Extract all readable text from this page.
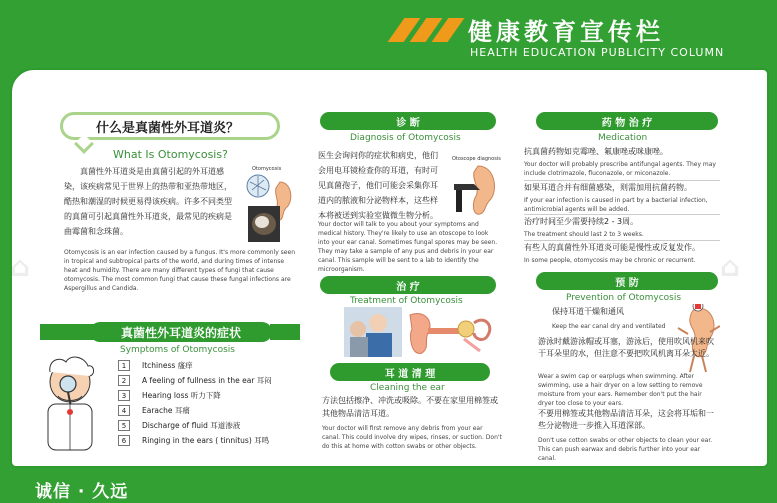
健康教育宣传栏
HEALTH EDUCATION PUBLICITY COLUMN
⌂	⌂
什么是真菌性外耳道炎？
What Is Otomycosis?
真菌性外耳道炎是由真菌引起的外耳道感染，该疾病常见于世界上的热带和亚热带地区，酷热和潮湿的时候更易得该疾病。许多不同类型的真菌可引起真菌性外耳道炎，最常见的疾病是曲霉菌和念珠菌。
Otomycosis
Otomycosis is an ear infection caused by a fungus. It's more commonly seen in tropical and subtropical parts of the world, and during times of intense heat and humidity. There are many different types of fungi that cause otomycosis. The most common fungi that cause these fungal infections are Aspergillus and Candida.
真菌性外耳道炎的症状
Symptoms of Otomycosis
1	Itchiness 瘙痒
2	A feeling of fullness in the ear 耳闷
3	Hearing loss 听力下降
4	Earache 耳痛
5	Discharge of fluid 耳道渗液
6	Ringing in the ears ( tinnitus) 耳鸣
诊 断
Diagnosis of Otomycosis
医生会询问你的症状和病史，他们会用电耳镜检查你的耳道，有时可见真菌孢子，他们可能会采集你耳道内的脓液和分泌物样本，这些样本将被送到实验室做微生物分析。
Otoscope diagnosis
Your doctor will talk to you about your symptoms and medical history. They're likely to use an otoscope to look into your ear canal. Sometimes fungal spores may be seen. They may take a sample of any pus and debris in your ear canal. This sample will be sent to a lab to identify the microorganism.
治 疗
Treatment of Otomycosis
耳 道 清 理
Cleaning the ear
方法包括擦净、冲洗或吸除。不要在家里用棉签或其他物品清洁耳道。
Your doctor will first remove any debris from your ear canal. This could involve dry wipes, rinses, or suction. Don't do this at home with cotton swabs or other objects.
药 物 治 疗
Medication
抗真菌药物如克霉唑、氟康唑或咪康唑。
Your doctor will probably prescribe antifungal agents. They may include clotrimazole, fluconazole, or miconazole.
如果耳道合并有细菌感染，则需加用抗菌药物。
If your ear infection is caused in part by a bacterial infection, antimicrobial agents will be added.
治疗时间至少需要持续2 - 3周。
The treatment should last 2 to 3 weeks.
有些人的真菌性外耳道炎可能是慢性或反复发作。
In some people, otomycosis may be chronic or recurrent.
预 防
Prevention of Otomycosis
保持耳道干燥和通风
Keep the ear canal dry and ventilated
游泳时戴游泳帽或耳塞，游泳后，使用吹风机来吹干耳朵里的水，但注意不要把吹风机离耳朵太近。
Wear a swim cap or earplugs when swimming. After swimming, use a hair dryer on a low setting to remove moisture from your ears. Remember don't put the hair dryer too close to your ears.
不要用棉签或其他物品清洁耳朵，这会将耳垢和一些分泌物进一步推入耳道深部。
Don't use cotton swabs or other objects to clean your ear. This can push earwax and debris further into your ear canal.
诚信 · 久远
